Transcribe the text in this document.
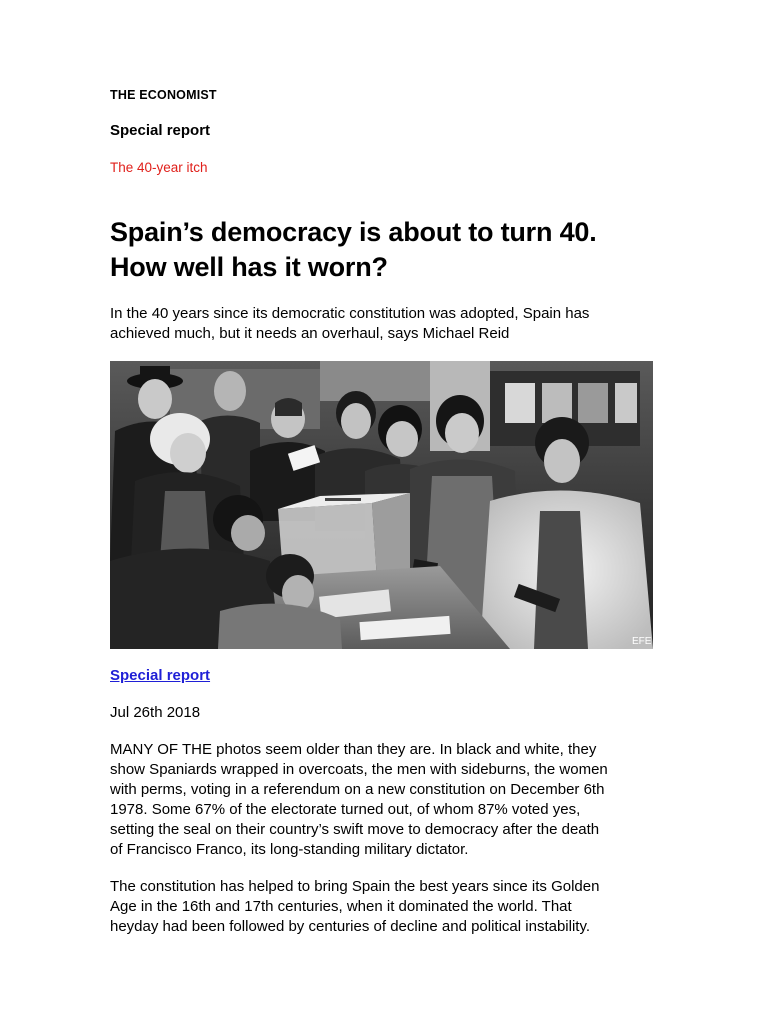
THE ECONOMIST
Special report
The 40-year itch
Spain’s democracy is about to turn 40.
How well has it worn?

In the 40 years since its democratic constitution was adopted, Spain has
achieved much, but it needs an overhaul, says Michael Reid

EFE
Special report
Jul 26th 2018

MANY OF THE photos seem older than they are. In black and white, they
show Spaniards wrapped in overcoats, the men with sideburns, the women
with perms, voting in a referendum on a new constitution on December 6th
1978. Some 67% of the electorate turned out, of whom 87% voted yes,
setting the seal on their country’s swift move to democracy after the death
of Francisco Franco, its long-standing military dictator.

The constitution has helped to bring Spain the best years since its Golden
Age in the 16th and 17th centuries, when it dominated the world. That
heyday had been followed by centuries of decline and political instability.
